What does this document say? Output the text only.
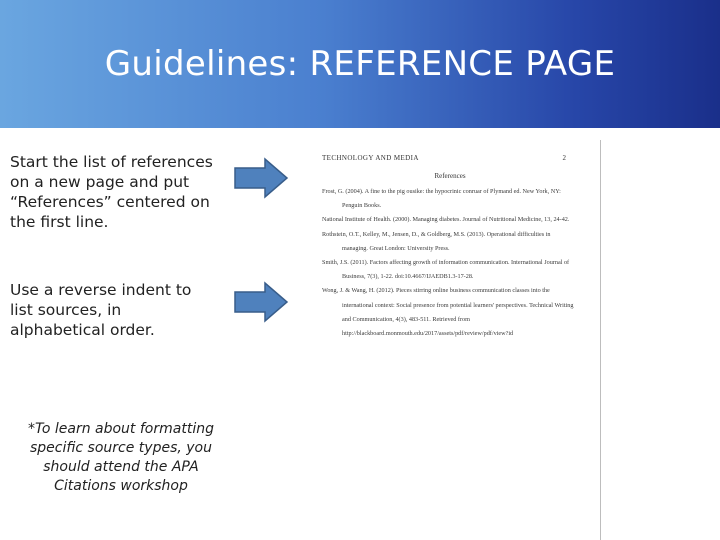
Guidelines: REFERENCE PAGE
Start the list of references on a new page and put “References” centered on the first line.
Use a reverse indent to list sources, in alphabetical order.
*To learn about formatting specific source types, you should attend the APA Citations workshop
TECHNOLOGY AND MEDIA	2
References
Frost, G. (2004). A fine to the pig ousike: the hypocrinic conruar of Plymand ed. New York, NY: Penguin Books.
National Institute of Health. (2000). Managing diabetes. Journal of Nutritional Medicine, 13, 24-42.
Rothstein, O.T., Kelley, M., Jensen, D., & Goldberg, M.S. (2013). Operational difficulties in managing. Great London: University Press.
Smith, J.S. (2011). Factors affecting growth of information communication. International Journal of Business, 7(3), 1-22. doi:10.4667/IJAEDB1.3-17-28.
Wong, J. & Wang, H. (2012). Pieces stirring online business communication classes into the international context: Social presence from potential learners' perspectives. Technical Writing and Communication, 4(3), 483-511. Retrieved from http://blackboard.monmouth.edu/2017/assets/pdf/review/pdf/view?id
